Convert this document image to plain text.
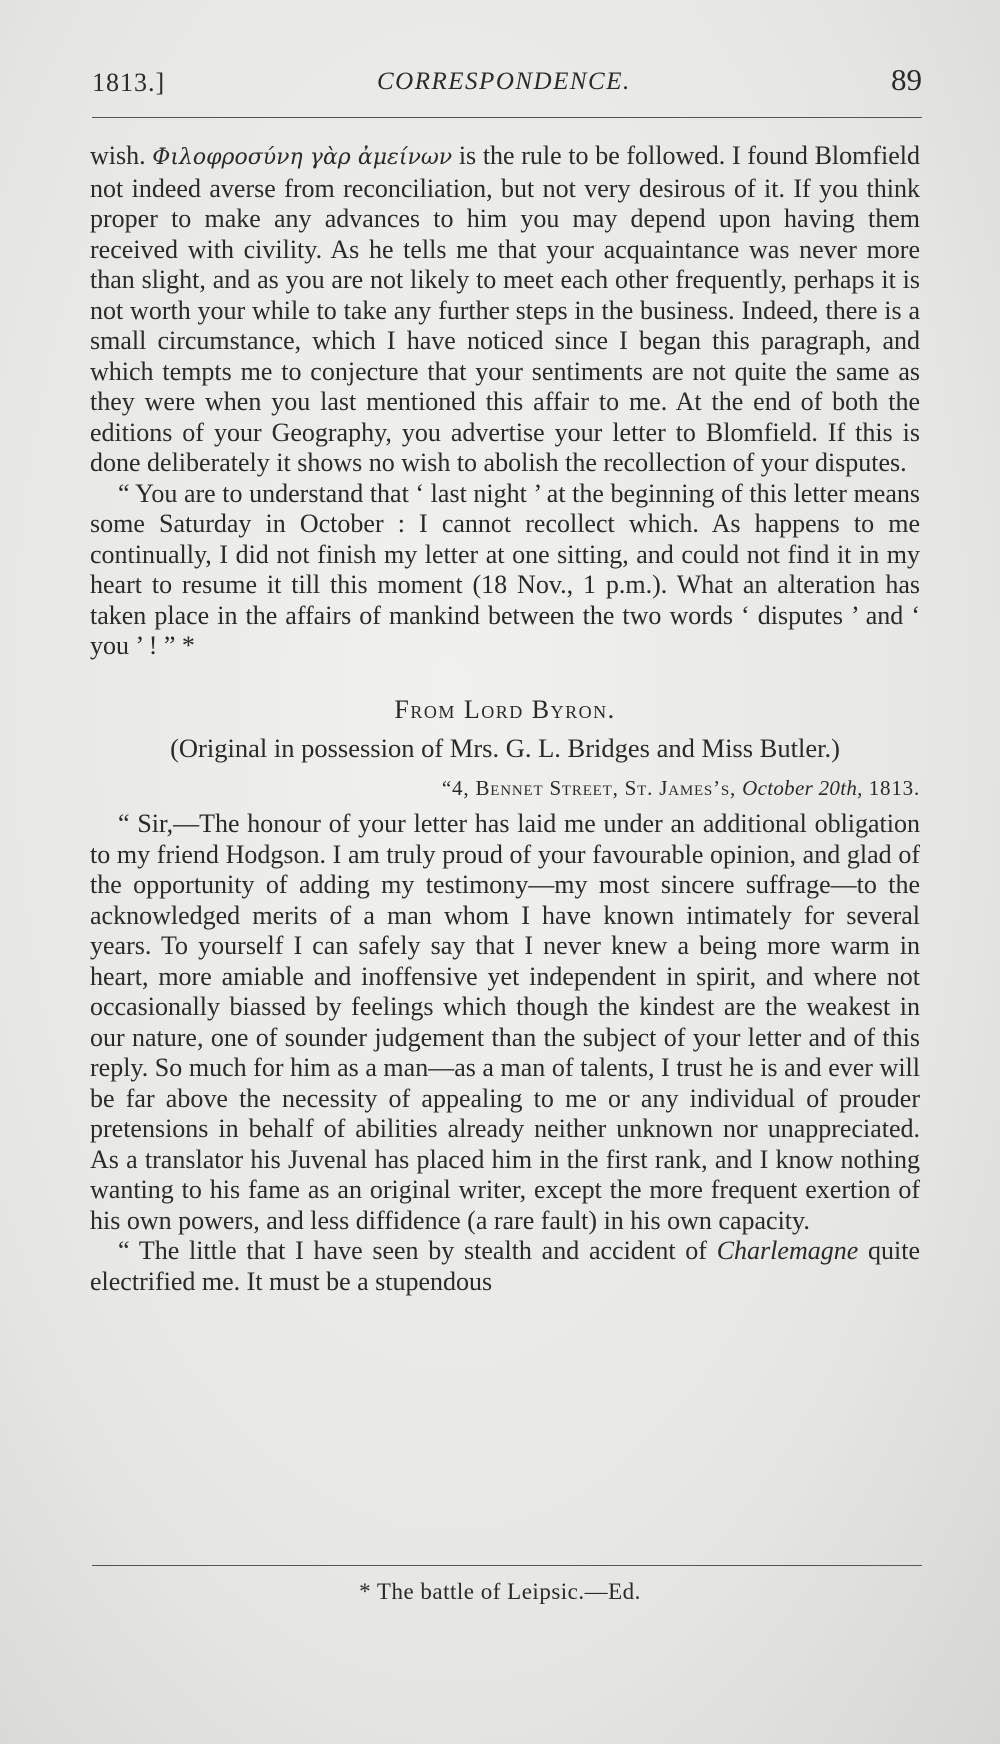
1813.]	CORRESPONDENCE.	89

wish. Φιλοφροσύνη γὰρ ἀμείνων is the rule to be followed. I found Blomfield not indeed averse from reconciliation, but not very desirous of it. If you think proper to make any advances to him you may depend upon having them received with civility. As he tells me that your acquaintance was never more than slight, and as you are not likely to meet each other frequently, perhaps it is not worth your while to take any further steps in the business. Indeed, there is a small circumstance, which I have noticed since I began this paragraph, and which tempts me to conjecture that your sentiments are not quite the same as they were when you last mentioned this affair to me. At the end of both the editions of your Geography, you advertise your letter to Blomfield. If this is done deliberately it shows no wish to abolish the recollection of your disputes.

“ You are to understand that ‘ last night ’ at the beginning of this letter means some Saturday in October : I cannot recollect which. As happens to me continually, I did not finish my letter at one sitting, and could not find it in my heart to resume it till this moment (18 Nov., 1 p.m.). What an alteration has taken place in the affairs of mankind between the two words ‘ disputes ’ and ‘ you ’ ! ” *

From Lord Byron.
(Original in possession of Mrs. G. L. Bridges and Miss Butler.)
“4, Bennet Street, St. James’s, October 20th, 1813.

“ Sir,—The honour of your letter has laid me under an additional obligation to my friend Hodgson. I am truly proud of your favourable opinion, and glad of the opportunity of adding my testimony—my most sincere suffrage—to the acknowledged merits of a man whom I have known intimately for several years. To yourself I can safely say that I never knew a being more warm in heart, more amiable and inoffensive yet independent in spirit, and where not occasionally biassed by feelings which though the kindest are the weakest in our nature, one of sounder judgement than the subject of your letter and of this reply. So much for him as a man—as a man of talents, I trust he is and ever will be far above the necessity of appealing to me or any individual of prouder pretensions in behalf of abilities already neither unknown nor unappreciated. As a translator his Juvenal has placed him in the first rank, and I know nothing wanting to his fame as an original writer, except the more frequent exertion of his own powers, and less diffidence (a rare fault) in his own capacity.

“ The little that I have seen by stealth and accident of Charlemagne quite electrified me. It must be a stupendous

* The battle of Leipsic.—Ed.
